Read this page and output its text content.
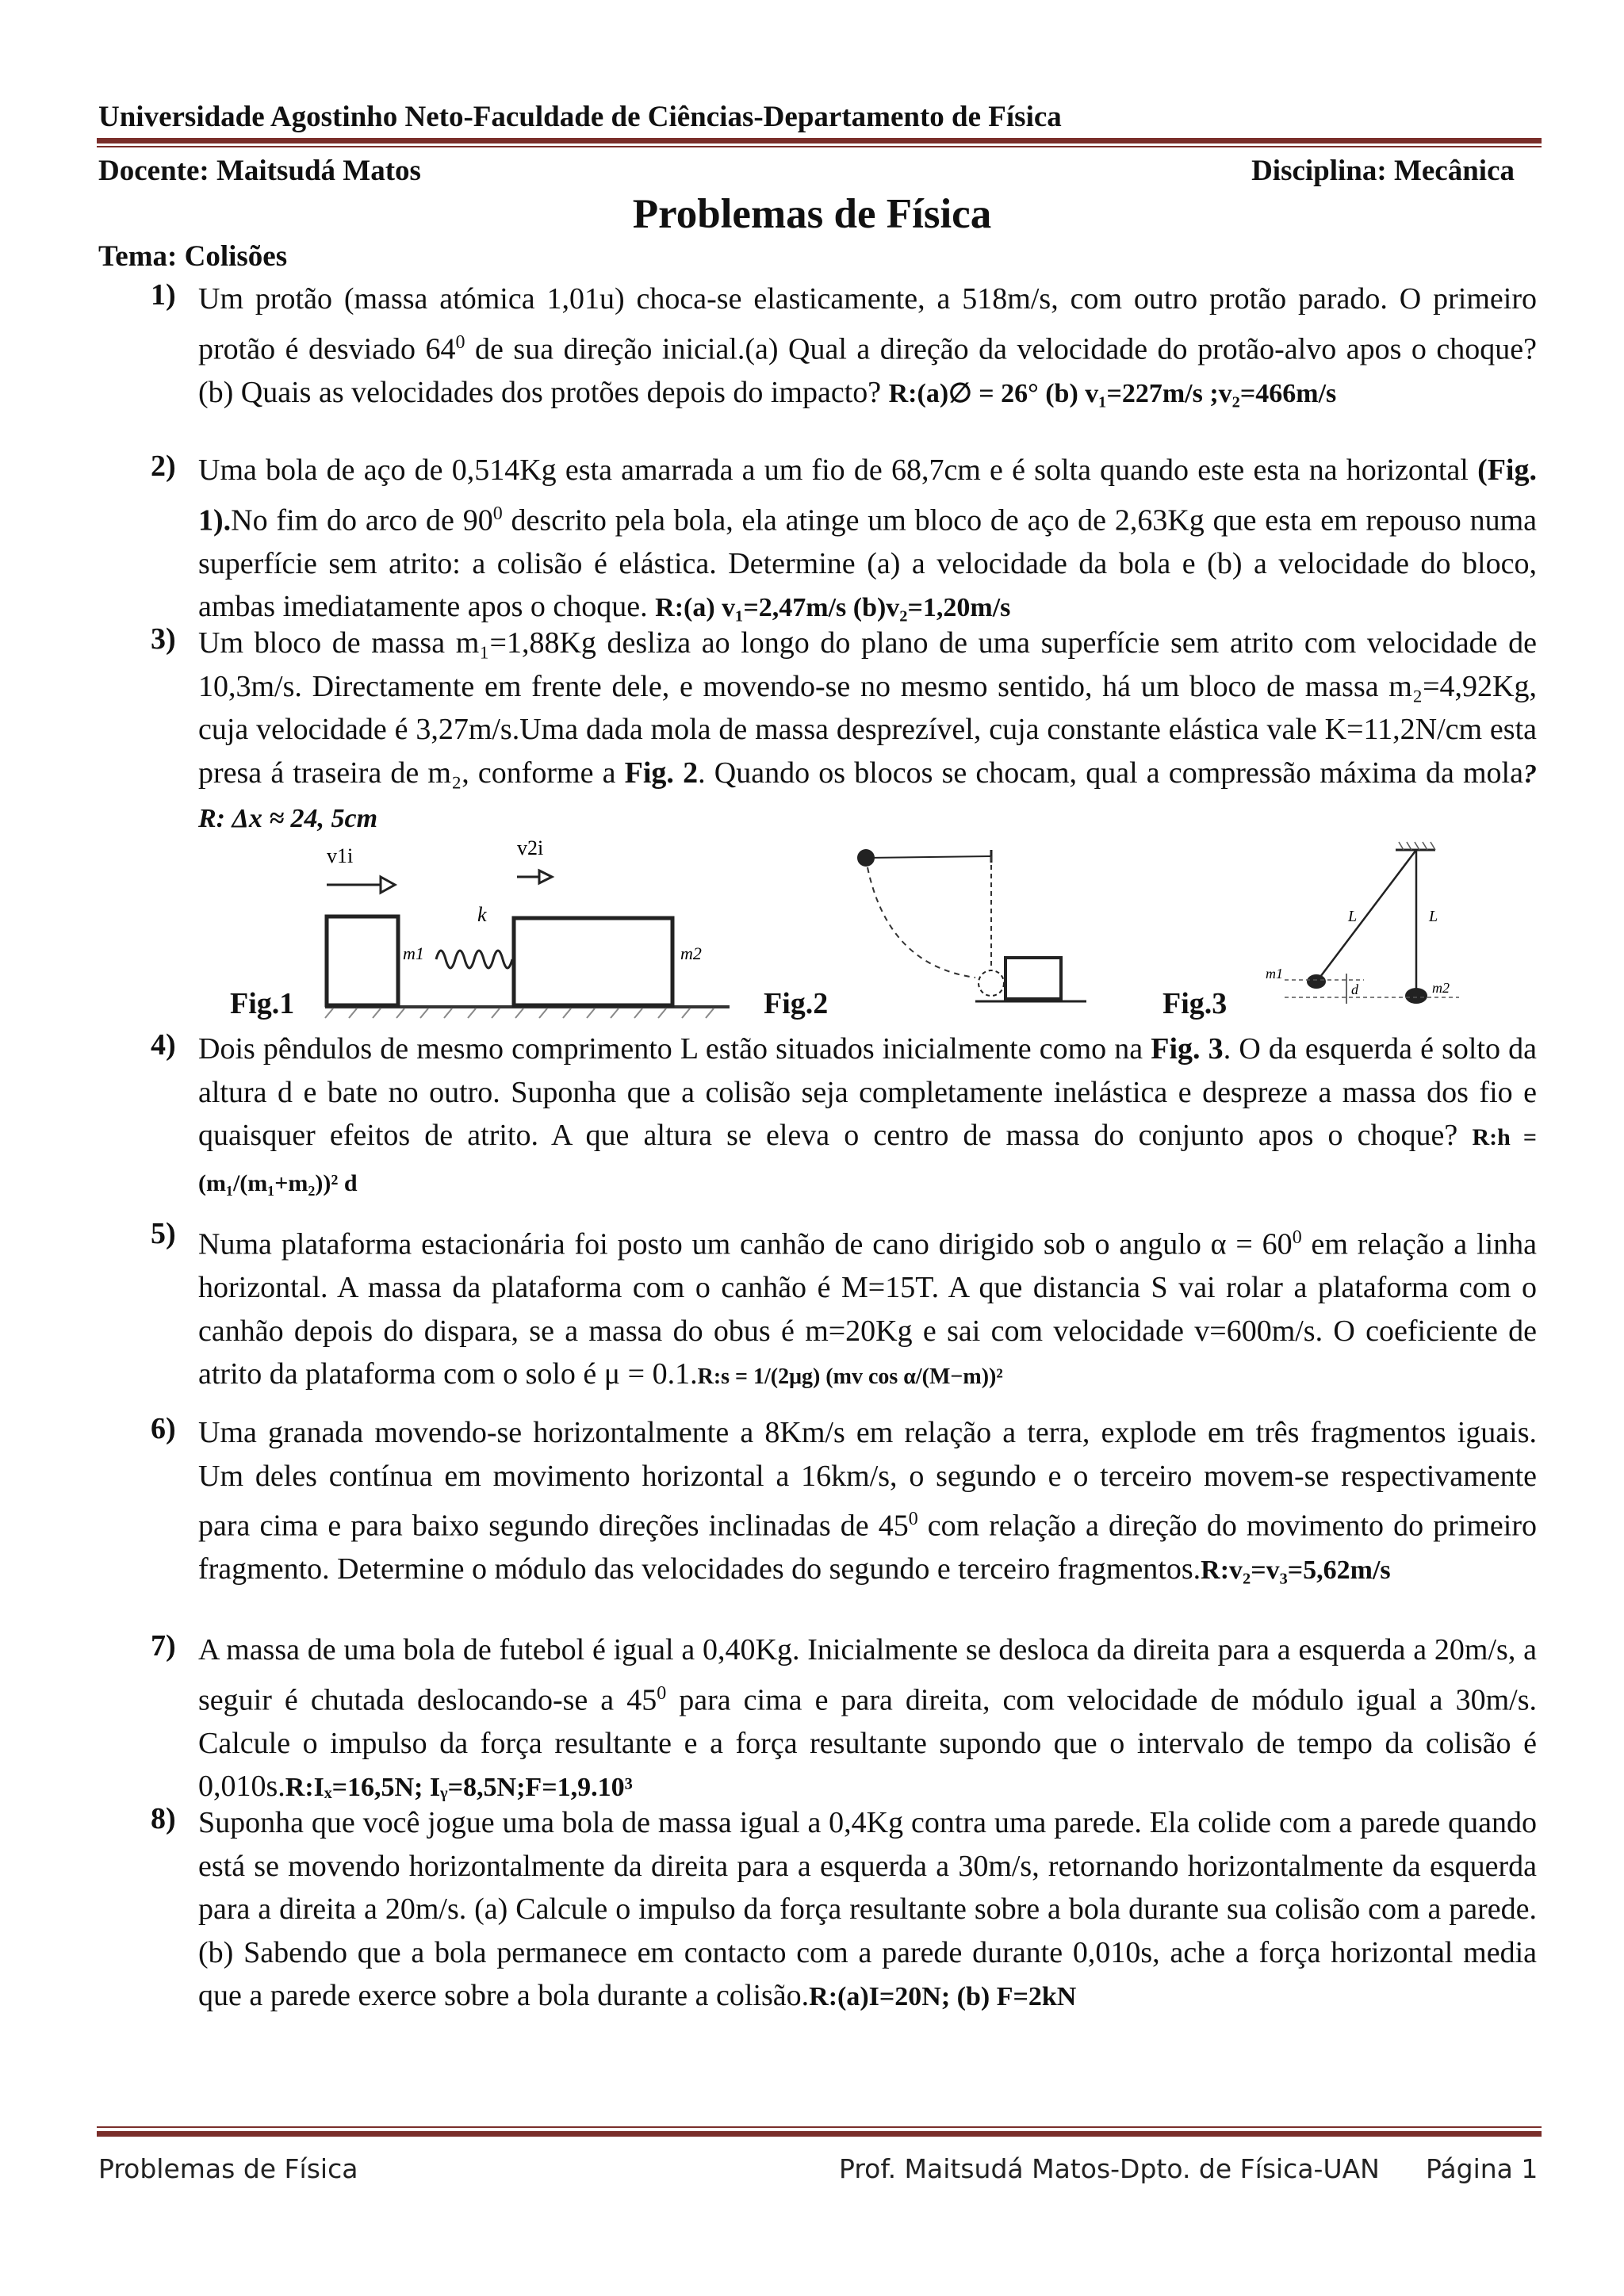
Universidade Agostinho Neto-Faculdade de Ciências-Departamento de Física
Docente: Maitsudá Matos	Disciplina: Mecânica
Problemas de Física
Tema: Colisões
1) Um protão (massa atómica 1,01u) choca-se elasticamente, a 518m/s, com outro protão parado. O primeiro protão é desviado $64^0$ de sua direção inicial.(a) Qual a direção da velocidade do protão-alvo apos o choque? (b) Quais as velocidades dos protões depois do impacto? R:(a)∅ = 26° (b) v₁=227m/s ;v₂=466m/s
2) Uma bola de aço de 0,514Kg esta amarrada a um fio de 68,7cm e é solta quando este esta na horizontal (Fig. 1).No fim do arco de $90^0$ descrito pela bola, ela atinge um bloco de aço de 2,63Kg que esta em repouso numa superfície sem atrito: a colisão é elástica. Determine (a) a velocidade da bola e (b) a velocidade do bloco, ambas imediatamente apos o choque. R:(a) v₁=2,47m/s (b)v₂=1,20m/s
3) Um bloco de massa m₁=1,88Kg desliza ao longo do plano de uma superfície sem atrito com velocidade de 10,3m/s. Directamente em frente dele, e movendo-se no mesmo sentido, há um bloco de massa m₂=4,92Kg, cuja velocidade é 3,27m/s.Uma dada mola de massa desprezível, cuja constante elástica vale K=11,2N/cm esta presa á traseira de m₂, conforme a Fig. 2. Quando os blocos se chocam, qual a compressão máxima da mola? R: Δx ≈ 24, 5cm
m1
v1i
k
m2
v2i
L	L
m1
m2
d
Fig.1	Fig.2	Fig.3
4) Dois pêndulos de mesmo comprimento L estão situados inicialmente como na Fig. 3. O da esquerda é solto da altura d e bate no outro. Suponha que a colisão seja completamente inelástica e despreze a massa dos fio e quaisquer efeitos de atrito. A que altura se eleva o centro de massa do conjunto apos o choque? R:h = (m₁/(m₁+m₂))² d
5) Numa plataforma estacionária foi posto um canhão de cano dirigido sob o angulo $\alpha = 60^0$ em relação a linha horizontal. A massa da plataforma com o canhão é M=15T. A que distancia S vai rolar a plataforma com o canhão depois do dispara, se a massa do obus é m=20Kg e sai com velocidade v=600m/s. O coeficiente de atrito da plataforma com o solo é μ = 0.1.R:s = 1/(2μg) (mv cos α/(M−m))²
6) Uma granada movendo-se horizontalmente a 8Km/s em relação a terra, explode em três fragmentos iguais. Um deles contínua em movimento horizontal a 16km/s, o segundo e o terceiro movem-se respectivamente para cima e para baixo segundo direções inclinadas de $45^0$ com relação a direção do movimento do primeiro fragmento. Determine o módulo das velocidades do segundo e terceiro fragmentos.R:v₂=v₃=5,62m/s
7) A massa de uma bola de futebol é igual a 0,40Kg. Inicialmente se desloca da direita para a esquerda a 20m/s, a seguir é chutada deslocando-se a $45^0$ para cima e para direita, com velocidade de módulo igual a 30m/s. Calcule o impulso da força resultante e a força resultante supondo que o intervalo de tempo da colisão é 0,010s.R:Iₓ=16,5N; Iᵧ=8,5N;F=1,9.10³
8) Suponha que você jogue uma bola de massa igual a 0,4Kg contra uma parede. Ela colide com a parede quando está se movendo horizontalmente da direita para a esquerda a 30m/s, retornando horizontalmente da esquerda para a direita a 20m/s. (a) Calcule o impulso da força resultante sobre a bola durante sua colisão com a parede. (b) Sabendo que a bola permanece em contacto com a parede durante 0,010s, ache a força horizontal media que a parede exerce sobre a bola durante a colisão.R:(a)I=20N; (b) F=2kN
Problemas de Física	Prof. Maitsudá Matos-Dpto. de Física-UAN Página 1
